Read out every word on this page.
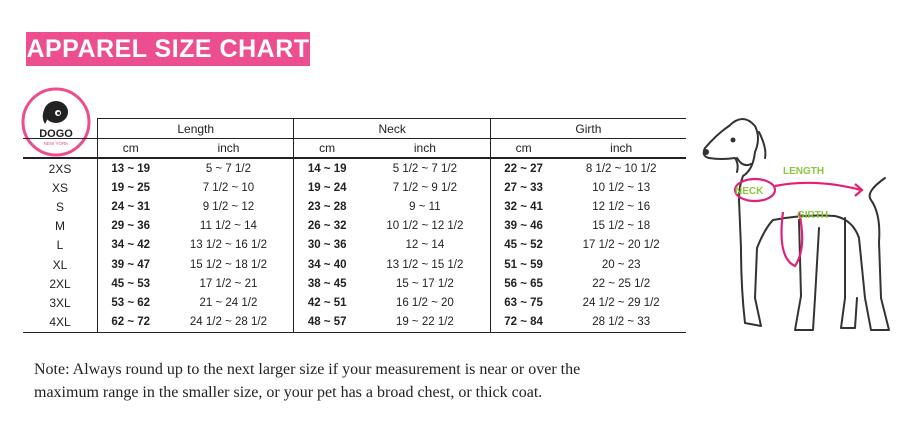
APPAREL SIZE CHART
DOGO
NEW YORK
	Length		Neck		Girth	
	cm	inch	cm	inch	cm	inch
2XS	13 ~ 19	5 ~ 7 1/2	14 ~ 19	5 1/2 ~ 7 1/2	22 ~ 27	8 1/2 ~ 10 1/2
XS	19 ~ 25	7 1/2 ~ 10	19 ~ 24	7 1/2 ~ 9 1/2	27 ~ 33	10 1/2 ~ 13
S	24 ~ 31	9 1/2 ~ 12	23 ~ 28	9 ~ 11	32 ~ 41	12 1/2 ~ 16
M	29 ~ 36	11 1/2 ~ 14	26 ~ 32	10 1/2 ~ 12 1/2	39 ~ 46	15 1/2 ~ 18
L	34 ~ 42	13 1/2 ~ 16 1/2	30 ~ 36	12 ~ 14	45 ~ 52	17 1/2 ~ 20 1/2
XL	39 ~ 47	15 1/2 ~ 18 1/2	34 ~ 40	13 1/2 ~ 15 1/2	51 ~ 59	20 ~ 23
2XL	45 ~ 53	17 1/2 ~ 21	38 ~ 45	15 ~ 17 1/2	56 ~ 65	22 ~ 25 1/2
3XL	53 ~ 62	21 ~ 24 1/2	42 ~ 51	16 1/2 ~ 20	63 ~ 75	24 1/2 ~ 29 1/2
4XL	62 ~ 72	24 1/2 ~ 28 1/2	48 ~ 57	19 ~ 22 1/2	72 ~ 84	28 1/2 ~ 33
NECK
LENGTH
GIRTH
Note: Always round up to the next larger size if your measurement is near or over the
maximum range in the smaller size, or your pet has a broad chest, or thick coat.
